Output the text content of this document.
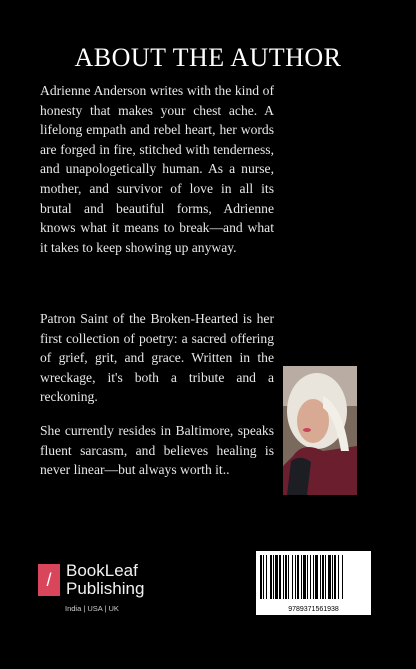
ABOUT THE AUTHOR
Adrienne Anderson writes with the kind of honesty that makes your chest ache. A lifelong empath and rebel heart, her words are forged in fire, stitched with tenderness, and unapologetically human. As a nurse, mother, and survivor of love in all its brutal and beautiful forms, Adrienne knows what it means to break—and what it takes to keep showing up anyway.
Patron Saint of the Broken-Hearted is her first collection of poetry: a sacred offering of grief, grit, and grace. Written in the wreckage, it's both a tribute and a reckoning.
She currently resides in Baltimore, speaks fluent sarcasm, and believes healing is never linear—but always worth it..
/ BookLeaf
Publishing
India | USA | UK	9789371561938
